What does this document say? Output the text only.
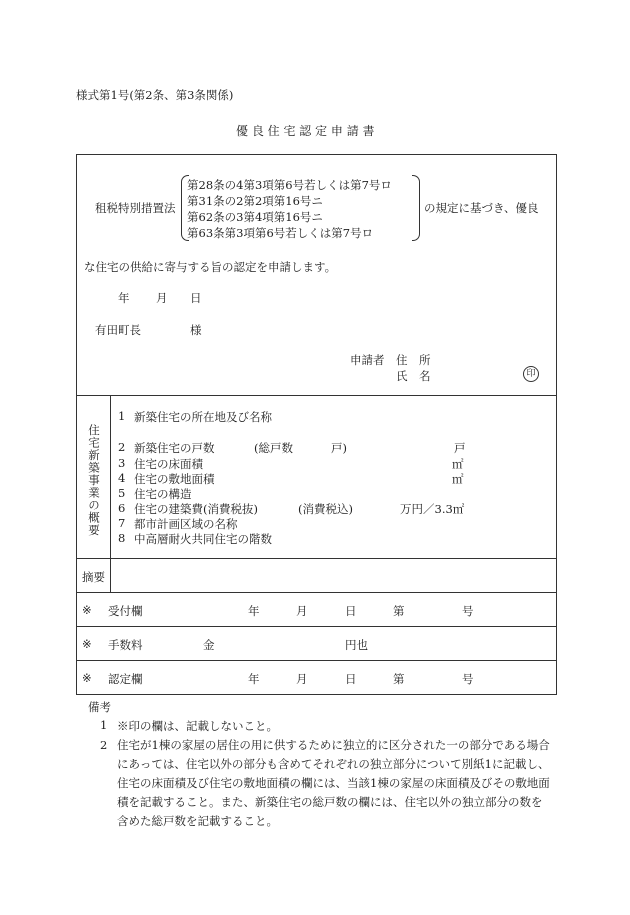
様式第1号(第2条、第3条関係)
優 良 住 宅 認 定 申 請 書
租税特別措置法
第28条の4第3項第6号若しくは第7号ロ
第31条の2第2項第16号ニ
第62条の3第4項第16号ニ
第63条第3項第6号若しくは第7号ロ
の規定に基づき、優良
な住宅の供給に寄与する旨の認定を申請します。
年 月 日
有田町長	様
申請者 住　所
氏　名	印
住宅新築事業の概要
1 新築住宅の所在地及び名称
2 新築住宅の戸数	(総戸数	戸)	戸
3 住宅の床面積	㎡
4 住宅の敷地面積	㎡
5 住宅の構造
6 住宅の建築費(消費税抜)	(消費税込)	万円／3.3㎡
7 都市計画区域の名称
8 中高層耐火共同住宅の階数
摘要
※ 受付欄	年	月	日	第	号
※ 手数料	金	円也
※ 認定欄	年	月	日	第	号
備考
1 ※印の欄は、記載しないこと。
2 住宅が1棟の家屋の居住の用に供するために独立的に区分された一の部分である場合にあっては、住宅以外の部分も含めてそれぞれの独立部分について別紙1に記載し、住宅の床面積及び住宅の敷地面積の欄には、当該1棟の家屋の床面積及びその敷地面積を記載すること。また、新築住宅の総戸数の欄には、住宅以外の独立部分の数を含めた総戸数を記載すること。
